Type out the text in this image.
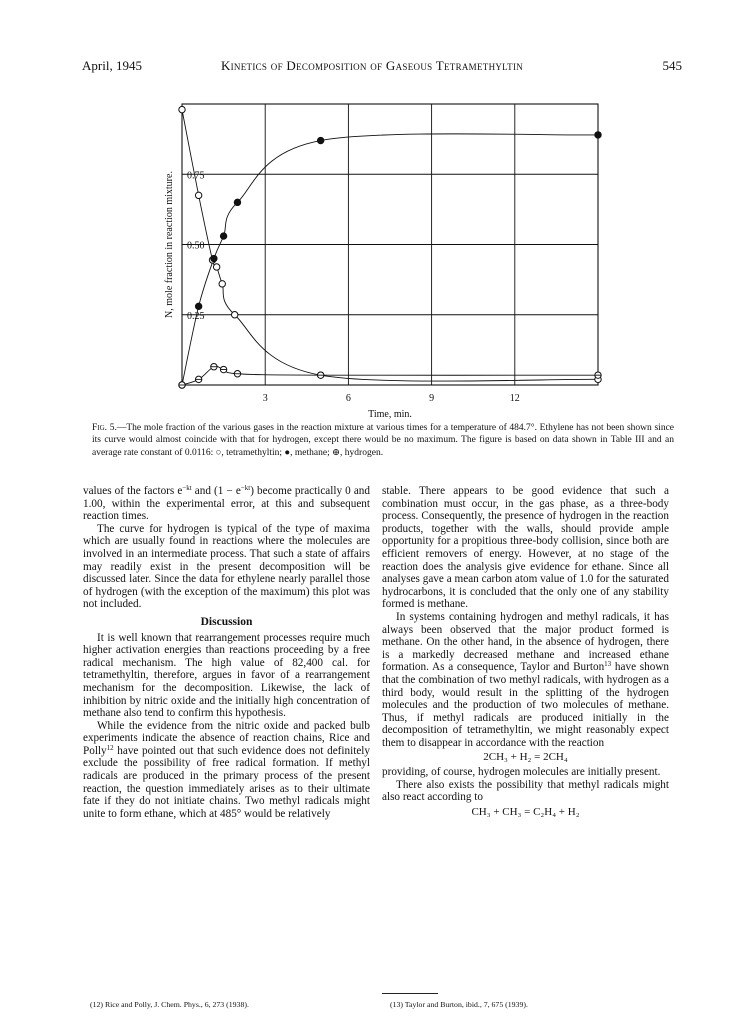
April, 1945	Kinetics of Decomposition of Gaseous Tetramethyltin	545
3	6	9	12
0.25
0.50
0.75
Time, min.
N, mole fraction in reaction mixture.
Fig. 5.—The mole fraction of the various gases in the reaction mixture at various times for a temperature of 484.7°. Ethylene has not been shown since its curve would almost coincide with that for hydrogen, except there would be no maximum. The figure is based on data shown in Table III and an average rate constant of 0.0116: ○, tetramethyltin; ●, methane; ⊕, hydrogen.

values of the factors $e^{-kt}$ and $(1 - e^{-kt})$ become practically 0 and 1.00, within the experimental error, at this and subsequent reaction times.

The curve for hydrogen is typical of the type of maxima which are usually found in reactions where the molecules are involved in an intermediate process. That such a state of affairs may readily exist in the present decomposition will be discussed later. Since the data for ethylene nearly parallel those of hydrogen (with the exception of the maximum) this plot was not included.

Discussion

It is well known that rearrangement processes require much higher activation energies than reactions proceeding by a free radical mechanism. The high value of 82,400 cal. for tetramethyltin, therefore, argues in favor of a rearrangement mechanism for the decomposition. Likewise, the lack of inhibition by nitric oxide and the initially high concentration of methane also tend to confirm this hypothesis.

While the evidence from the nitric oxide and packed bulb experiments indicate the absence of reaction chains, Rice and Polly$^{12}$ have pointed out that such evidence does not definitely exclude the possibility of free radical formation. If methyl radicals are produced in the primary process of the present reaction, the question immediately arises as to their ultimate fate if they do not initiate chains. Two methyl radicals might unite to form ethane, which at 485° would be relatively

stable. There appears to be good evidence that such a combination must occur, in the gas phase, as a three-body process. Consequently, the presence of hydrogen in the reaction products, together with the walls, should provide ample opportunity for a propitious three-body collision, since both are efficient removers of energy. However, at no stage of the reaction does the analysis give evidence for ethane. Since all analyses gave a mean carbon atom value of 1.0 for the saturated hydrocarbons, it is concluded that the only one of any stability formed is methane.

In systems containing hydrogen and methyl radicals, it has always been observed that the major product formed is methane. On the other hand, in the absence of hydrogen, there is a markedly decreased methane and increased ethane formation. As a consequence, Taylor and Burton$^{13}$ have shown that the combination of two methyl radicals, with hydrogen as a third body, would result in the splitting of the hydrogen molecules and the production of two molecules of methane. Thus, if methyl radicals are produced initially in the decomposition of tetramethyltin, we might reasonably expect them to disappear in accordance with the reaction

2CH₃ + H₂ = 2CH₄

providing, of course, hydrogen molecules are initially present.

There also exists the possibility that methyl radicals might also react according to

CH₃ + CH₃ = C₂H₄ + H₂
(12) Rice and Polly, J. Chem. Phys., 6, 273 (1938).	(13) Taylor and Burton, ibid., 7, 675 (1939).
